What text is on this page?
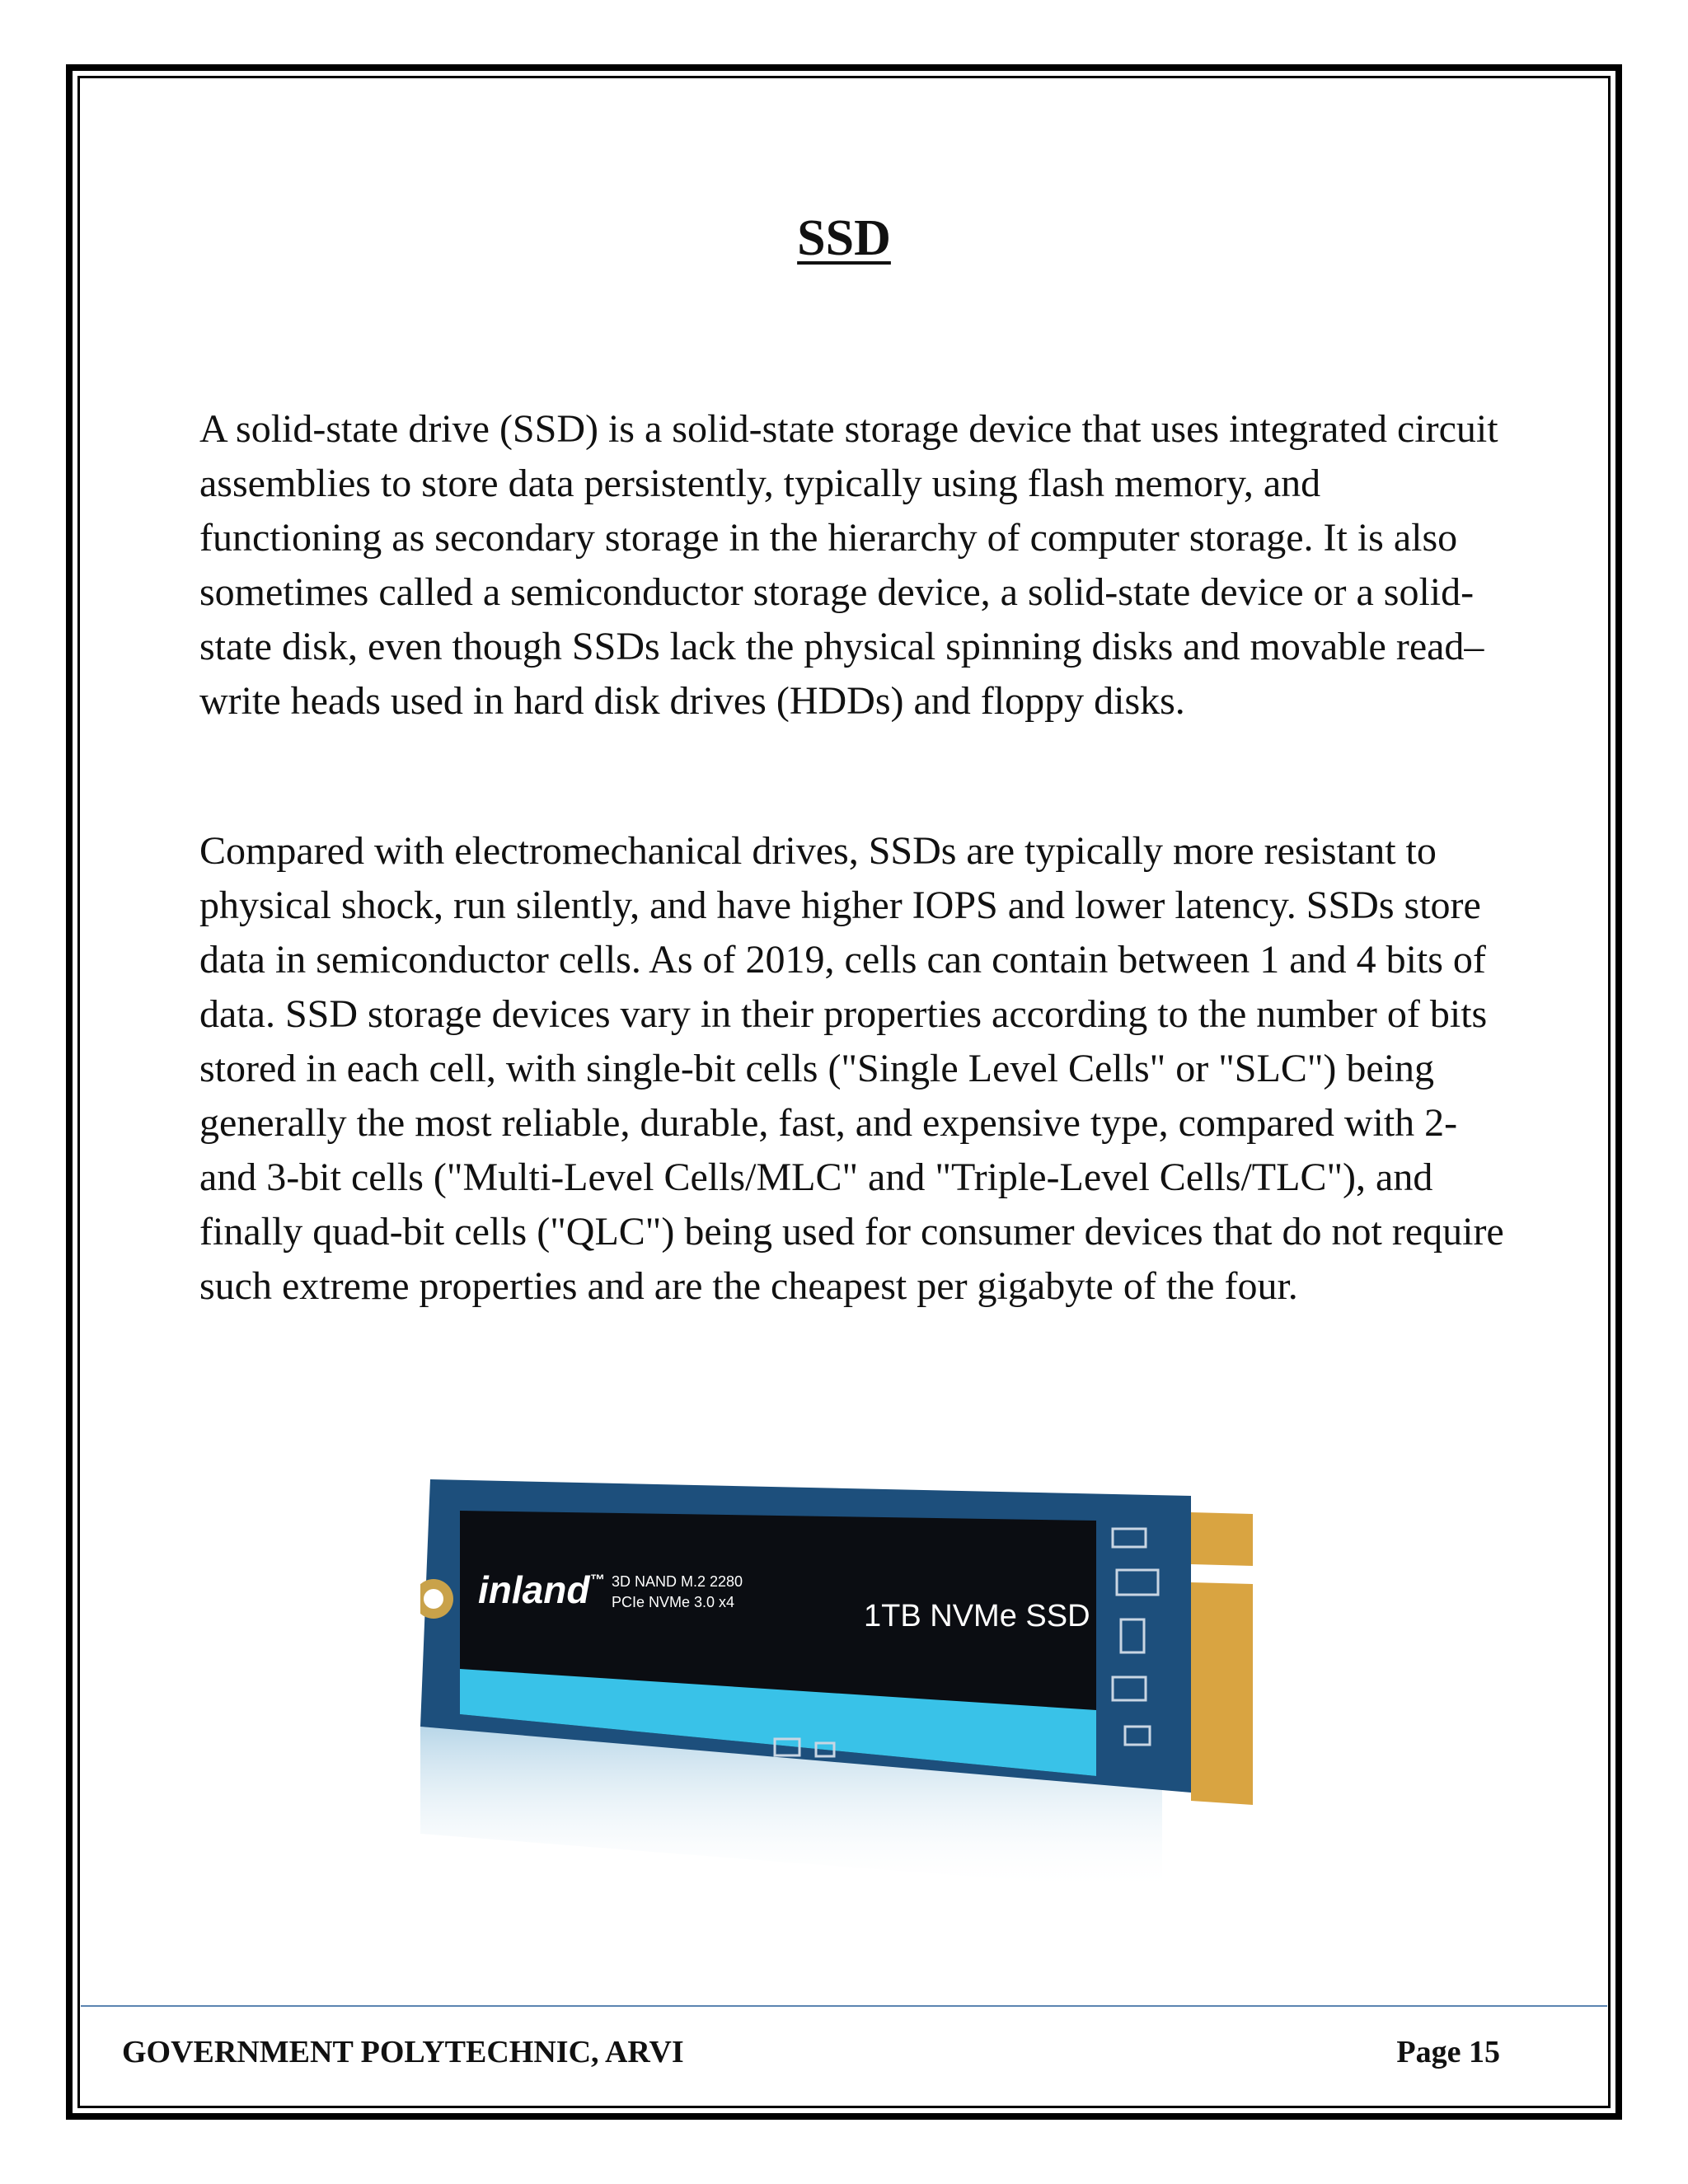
SSD

A solid-state drive (SSD) is a solid-state storage device that uses integrated circuit assemblies to store data persistently, typically using flash memory, and functioning as secondary storage in the hierarchy of computer storage. It is also sometimes called a semiconductor storage device, a solid-state device or a solid-state disk, even though SSDs lack the physical spinning disks and movable read–write heads used in hard disk drives (HDDs) and floppy disks.

Compared with electromechanical drives, SSDs are typically more resistant to physical shock, run silently, and have higher IOPS and lower latency. SSDs store data in semiconductor cells. As of 2019, cells can contain between 1 and 4 bits of data. SSD storage devices vary in their properties according to the number of bits stored in each cell, with single-bit cells ("Single Level Cells" or "SLC") being generally the most reliable, durable, fast, and expensive type, compared with 2- and 3-bit cells ("Multi-Level Cells/MLC" and "Triple-Level Cells/TLC"), and finally quad-bit cells ("QLC") being used for consumer devices that do not require such extreme properties and are the cheapest per gigabyte of the four.

inland™ 3D NAND M.2 2280
PCIe NVMe 3.0 x4	1TB NVMe SSD
GOVERNMENT POLYTECHNIC, ARVI	Page 15
